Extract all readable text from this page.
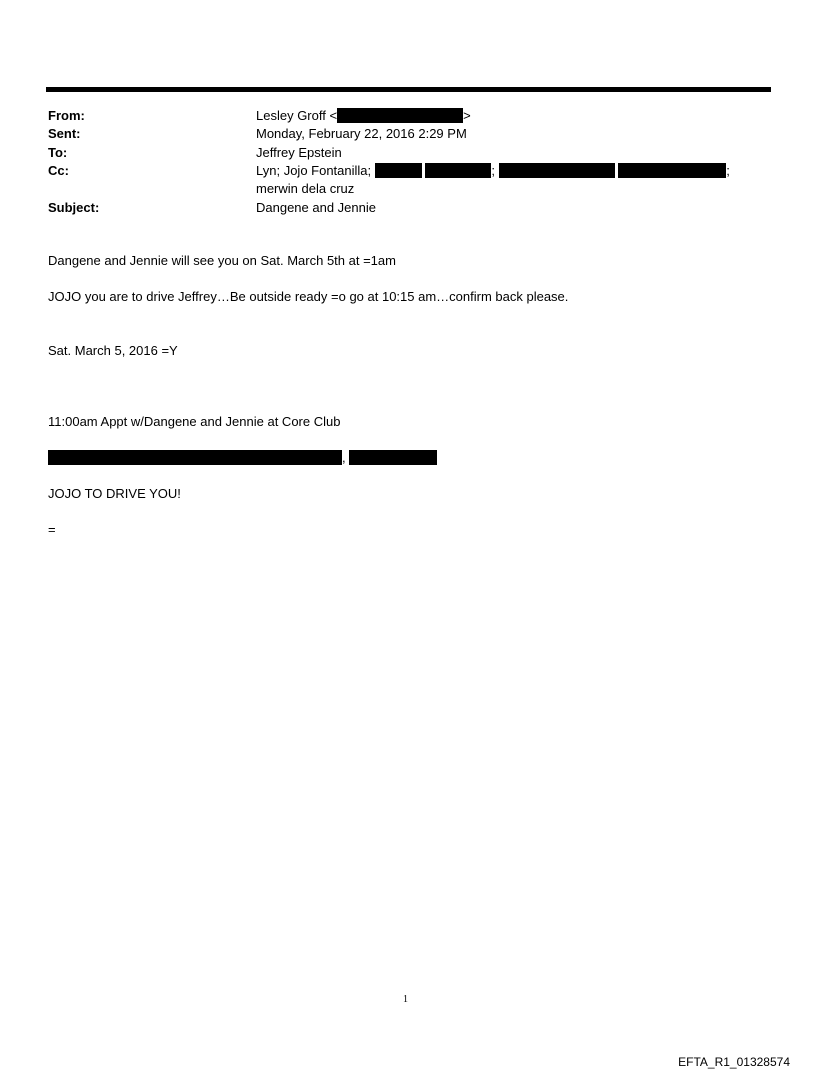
From:	Lesley Groff <	>
Sent:	Monday, February 22, 2016 2:29 PM
To:	Jeffrey Epstein
Cc:	Lyn; Jojo Fontanilla;	;	;
merwin dela cruz
Subject:	Dangene and Jennie
Dangene and Jennie will see you on Sat. March 5th at =1am
JOJO you are to drive Jeffrey…Be outside ready =o go at 10:15 am…confirm back please.
Sat. March 5, 2016 =Y
11:00am Appt w/Dangene and Jennie at Core Club
,
JOJO TO DRIVE YOU!
=
1
EFTA_R1_01328574
